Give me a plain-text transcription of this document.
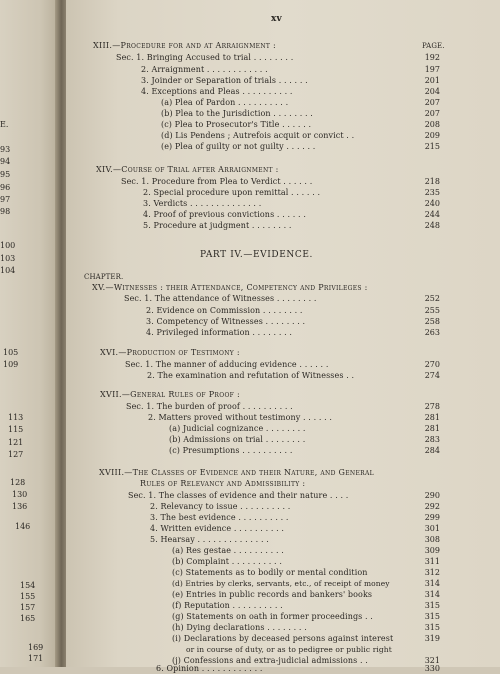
xv
PAGE.
E.
93
94
95
96
97
98
100
103
104
105
109
113
115
121
127
128
130
136
146
154
155
157
165
169
171
XIII.—Procedure for and at Arraignment :
Sec. 1. Bringing Accused to trial . . . . . . . .	192
2. Arraignment . . . . . . . . . . . .	197
3. Joinder or Separation of trials . . . . . .	201
4. Exceptions and Pleas . . . . . . . . . .	204
(a) Plea of Pardon . . . . . . . . . .	207
(b) Plea to the Jurisdiction . . . . . . . .	207
(c) Plea to Prosecutor's Title . . . . . .	208
(d) Lis Pendens ; Autrefois acquit or convict . .	209
(e) Plea of guilty or not guilty . . . . . .	215
XIV.—Course of Trial after Arraignment :
Sec. 1. Procedure from Plea to Verdict . . . . . .	218
2. Special procedure upon remittal . . . . . .	235
3. Verdicts . . . . . . . . . . . . . .	240
4. Proof of previous convictions . . . . . .	244
5. Procedure at judgment . . . . . . . .	248
PART IV.—EVIDENCE.
CHAPTER.
XV.—Witnesses : their Attendance, Competency and Privileges :
Sec. 1. The attendance of Witnesses . . . . . . . .	252
2. Evidence on Commission . . . . . . . .	255
3. Competency of Witnesses . . . . . . . .	258
4. Privileged information . . . . . . . .	263
XVI.—Production of Testimony :
Sec. 1. The manner of adducing evidence . . . . . .	270
2. The examination and refutation of Witnesses . .	274
XVII.—General Rules of Proof :
Sec. 1. The burden of proof . . . . . . . . . .	278
2. Matters proved without testimony . . . . . .	281
(a) Judicial cognizance . . . . . . . .	281
(b) Admissions on trial . . . . . . . .	283
(c) Presumptions . . . . . . . . . .	284
XVIII.—The Classes of Evidence and their Nature, and General
Rules of Relevancy and Admissibility :
Sec. 1. The classes of evidence and their nature . . . .	290
2. Relevancy to issue . . . . . . . . . .	292
3. The best evidence . . . . . . . . . .	299
4. Written evidence . . . . . . . . . .	301
5. Hearsay . . . . . . . . . . . . . .	308
(a) Res gestae . . . . . . . . . .	309
(b) Complaint . . . . . . . . . .	311
(c) Statements as to bodily or mental condition	312
(d) Entries by clerks, servants, etc., of receipt of money	314
(e) Entries in public records and bankers' books	314
(f) Reputation . . . . . . . . . .	315
(g) Statements on oath in former proceedings . .	315
(h) Dying declarations . . . . . . . .	315
(i) Declarations by deceased persons against interest	319
or in course of duty, or as to pedigree or public right
(j) Confessions and extra-judicial admissions . .	321
6. Opinion . . . . . . . . . . . .	330
